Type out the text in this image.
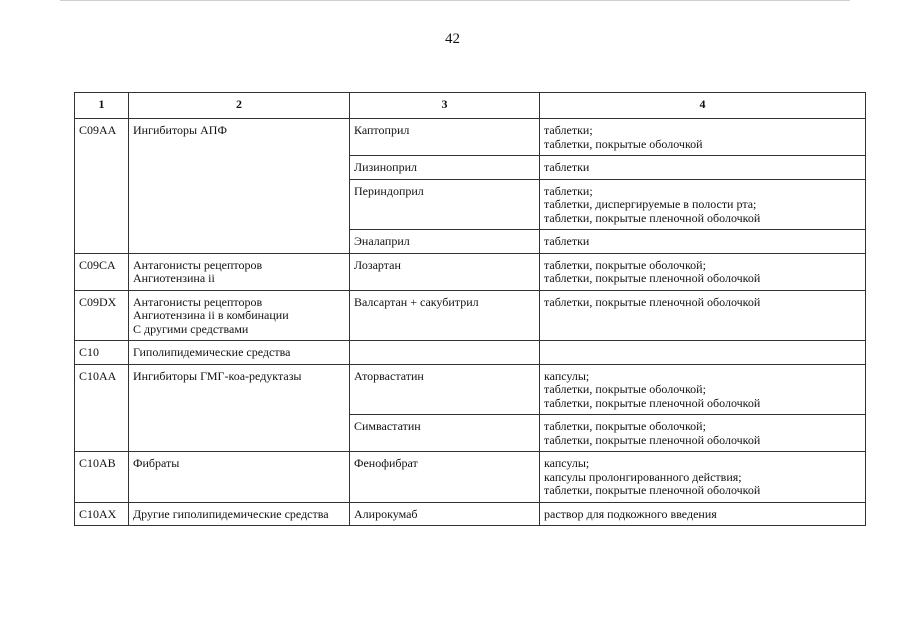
42
1	2	3	4
C09AA	Ингибиторы АПФ	Каптоприл	таблетки;
таблетки, покрытые оболочкой

		Лизиноприл	таблетки

		Периндоприл	таблетки;
таблетки, диспергируемые в полости рта;
таблетки, покрытые пленочной оболочкой

		Эналаприл	таблетки

C09CA	Антагонисты рецепторов
Ангиотензина ii	Лозартан	таблетки, покрытые оболочкой;
таблетки, покрытые пленочной оболочкой

C09DX	Антагонисты рецепторов
Ангиотензина ii в комбинации
С другими средствами	Валсартан + сакубитрил	таблетки, покрытые пленочной оболочкой

C10	Гиполипидемические средства		

C10AA	Ингибиторы ГМГ-коа-редуктазы	Аторвастатин	капсулы;
таблетки, покрытые оболочкой;
таблетки, покрытые пленочной оболочкой

		Симвастатин	таблетки, покрытые оболочкой;
таблетки, покрытые пленочной оболочкой

C10AB	Фибраты	Фенофибрат	капсулы;
капсулы пролонгированного действия;
таблетки, покрытые пленочной оболочкой

C10AX	Другие гиполипидемические средства	Алирокумаб	раствор для подкожного введения
